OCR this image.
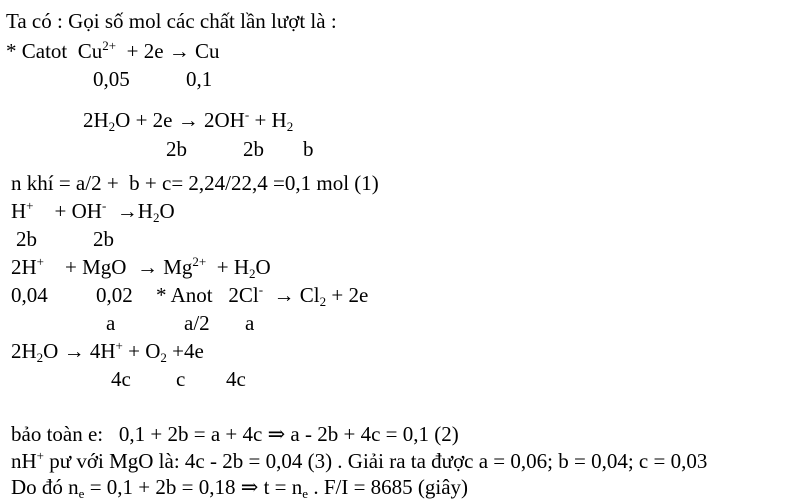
Ta có : Gọi số mol các chất lần lượt là :
* Catot $Cu^{2+} + 2e \to Cu$
0,05	0,1
$2H_2O + 2e \to 2OH^- + H_2$
2b	2b b
n khí = a/2 +  b + c= 2,24/22,4 =0,1 mol (1)
$H^+ + OH^- \to H_2O$
2b	2b
2H+ + MgO → $Mg^{2+} + H_2O$
0,04 0,02 * Anot $2Cl^- \to Cl_2 + 2e$
a	a/2 a
$2H_2O \to 4H^+ + O_2 +4e$
4c c 4c
bảo toàn e:   0,1 + 2b = a + 4c ⇒ a - 2b + 4c = 0,1 (2)
nH+ pư với MgO là: 4c - 2b = 0,04 (3) . Giải ra ta được a = 0,06; b = 0,04; c = 0,03
Do đó $n_e = 0,1 + 2b = 0,18$ ⇒ $t = n_e$ . F/I = 8685 (giây)
